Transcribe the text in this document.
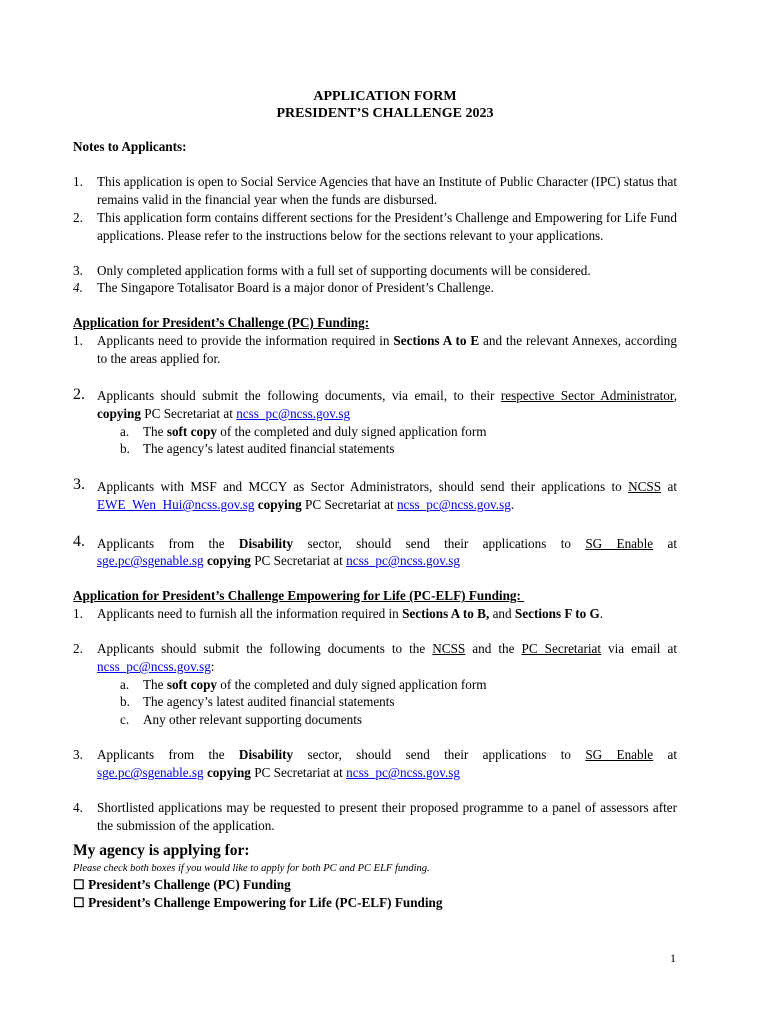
APPLICATION FORM
PRESIDENT’S CHALLENGE 2023
Notes to Applicants:
1. This application is open to Social Service Agencies that have an Institute of Public Character (IPC) status that remains valid in the financial year when the funds are disbursed.
2. This application form contains different sections for the President’s Challenge and Empowering for Life Fund applications. Please refer to the instructions below for the sections relevant to your applications.
3. Only completed application forms with a full set of supporting documents will be considered.
4. The Singapore Totalisator Board is a major donor of President’s Challenge.
Application for President’s Challenge (PC) Funding:
1. Applicants need to provide the information required in Sections A to E and the relevant Annexes, according to the areas applied for.
2. Applicants should submit the following documents, via email, to their respective Sector Administrator, copying PC Secretariat at ncss_pc@ncss.gov.sg
a. The soft copy of the completed and duly signed application form
b. The agency’s latest audited financial statements
3. Applicants with MSF and MCCY as Sector Administrators, should send their applications to NCSS at
EWE_Wen_Hui@ncss.gov.sg copying PC Secretariat at ncss_pc@ncss.gov.sg.
4. Applicants from the Disability sector, should send their applications to SG Enable at
sge.pc@sgenable.sg copying PC Secretariat at ncss_pc@ncss.gov.sg
Application for President’s Challenge Empowering for Life (PC-ELF) Funding:
1. Applicants need to furnish all the information required in Sections A to B, and Sections F to G.
2. Applicants should submit the following documents to the NCSS and the PC Secretariat via email at
ncss_pc@ncss.gov.sg:
a. The soft copy of the completed and duly signed application form
b. The agency’s latest audited financial statements
c. Any other relevant supporting documents
3. Applicants from the Disability sector, should send their applications to SG Enable at
sge.pc@sgenable.sg copying PC Secretariat at ncss_pc@ncss.gov.sg
4. Shortlisted applications may be requested to present their proposed programme to a panel of assessors after the submission of the application.
My agency is applying for:
Please check both boxes if you would like to apply for both PC and PC ELF funding.
☐ President’s Challenge (PC) Funding
☐ President’s Challenge Empowering for Life (PC-ELF) Funding
1
